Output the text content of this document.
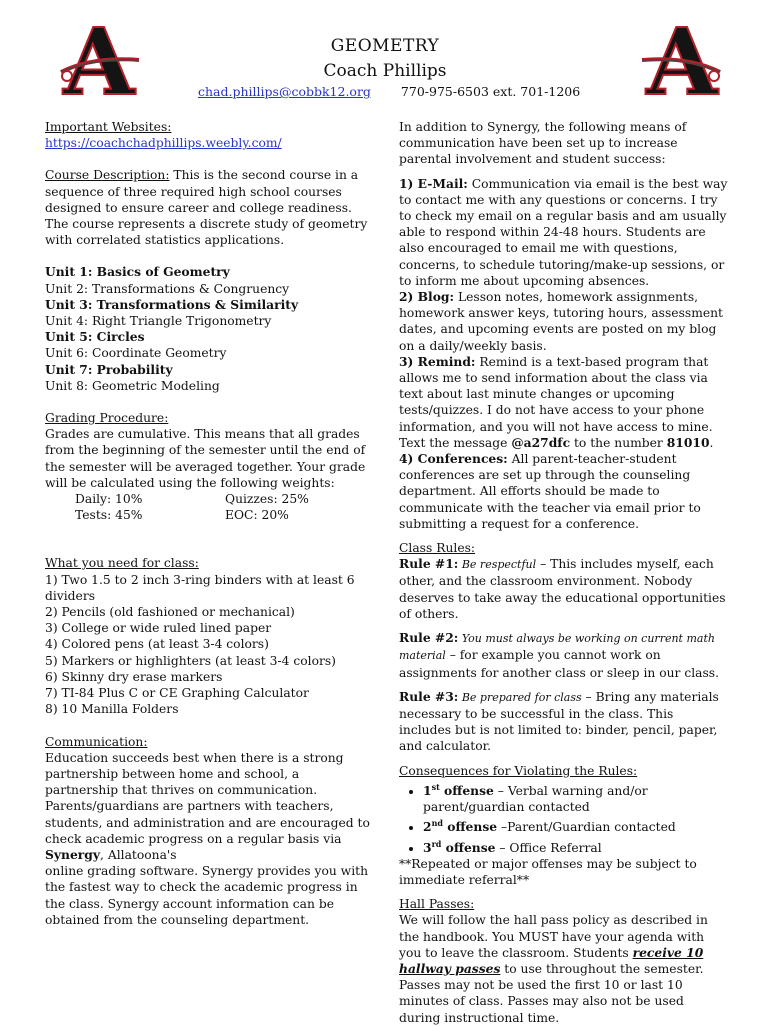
A	A
GEOMETRY
Coach Phillips
chad.phillips@cobbk12.org 770-975-6503 ext. 701-1206

Important Websites:

https://coachchadphillips.weebly.com/

Course Description: This is the second course in a sequence of three required high school courses designed to ensure career and college readiness. The course represents a discrete study of geometry with correlated statistics applications.

Unit 1: Basics of Geometry

Unit 2: Transformations & Congruency

Unit 3: Transformations & Similarity

Unit 4: Right Triangle Trigonometry

Unit 5: Circles

Unit 6: Coordinate Geometry

Unit 7: Probability

Unit 8: Geometric Modeling

Grading Procedure:

Grades are cumulative. This means that all grades from the beginning of the semester until the end of the semester will be averaged together. Your grade will be calculated using the following weights:

Daily: 10%	Quizzes: 25%
Tests: 45%	EOC: 20%

What you need for class:

1) Two 1.5 to 2 inch 3-ring binders with at least 6 dividers

2) Pencils (old fashioned or mechanical)

3) College or wide ruled lined paper

4) Colored pens (at least 3-4 colors)

5) Markers or highlighters (at least 3-4 colors)

6) Skinny dry erase markers

7) TI-84 Plus C or CE Graphing Calculator

8) 10 Manilla Folders

Communication:

Education succeeds best when there is a strong partnership between home and school, a partnership that thrives on communication. Parents/guardians are partners with teachers, students, and administration and are encouraged to check academic progress on a regular basis via Synergy, Allatoona's

online grading software. Synergy provides you with the fastest way to check the academic progress in the class. Synergy account information can be obtained from the counseling department.

In addition to Synergy, the following means of communication have been set up to increase parental involvement and student success:

1) E-Mail: Communication via email is the best way to contact me with any questions or concerns. I try to check my email on a regular basis and am usually able to respond within 24-48 hours. Students are also encouraged to email me with questions, concerns, to schedule tutoring/make-up sessions, or to inform me about upcoming absences.

2) Blog: Lesson notes, homework assignments, homework answer keys, tutoring hours, assessment dates, and upcoming events are posted on my blog on a daily/weekly basis.

3) Remind: Remind is a text-based program that allows me to send information about the class via text about last minute changes or upcoming tests/quizzes. I do not have access to your phone information, and you will not have access to mine. Text the message @a27dfc to the number 81010.

4) Conferences: All parent-teacher-student conferences are set up through the counseling department. All efforts should be made to communicate with the teacher via email prior to submitting a request for a conference.

Class Rules:

Rule #1: Be respectful – This includes myself, each other, and the classroom environment. Nobody deserves to take away the educational opportunities of others.

Rule #2: You must always be working on current math material – for example you cannot work on assignments for another class or sleep in our class.

Rule #3: Be prepared for class – Bring any materials necessary to be successful in the class. This includes but is not limited to: binder, pencil, paper, and calculator.

Consequences for Violating the Rules:

• 1st offense – Verbal warning and/or parent/guardian contacted
• 2nd offense –Parent/Guardian contacted
• 3rd offense – Office Referral

**Repeated or major offenses may be subject to immediate referral**

Hall Passes:

We will follow the hall pass policy as described in the handbook. You MUST have your agenda with you to leave the classroom. Students receive 10 hallway passes to use throughout the semester. Passes may not be used the first 10 or last 10 minutes of class. Passes may also not be used during instructional time.
